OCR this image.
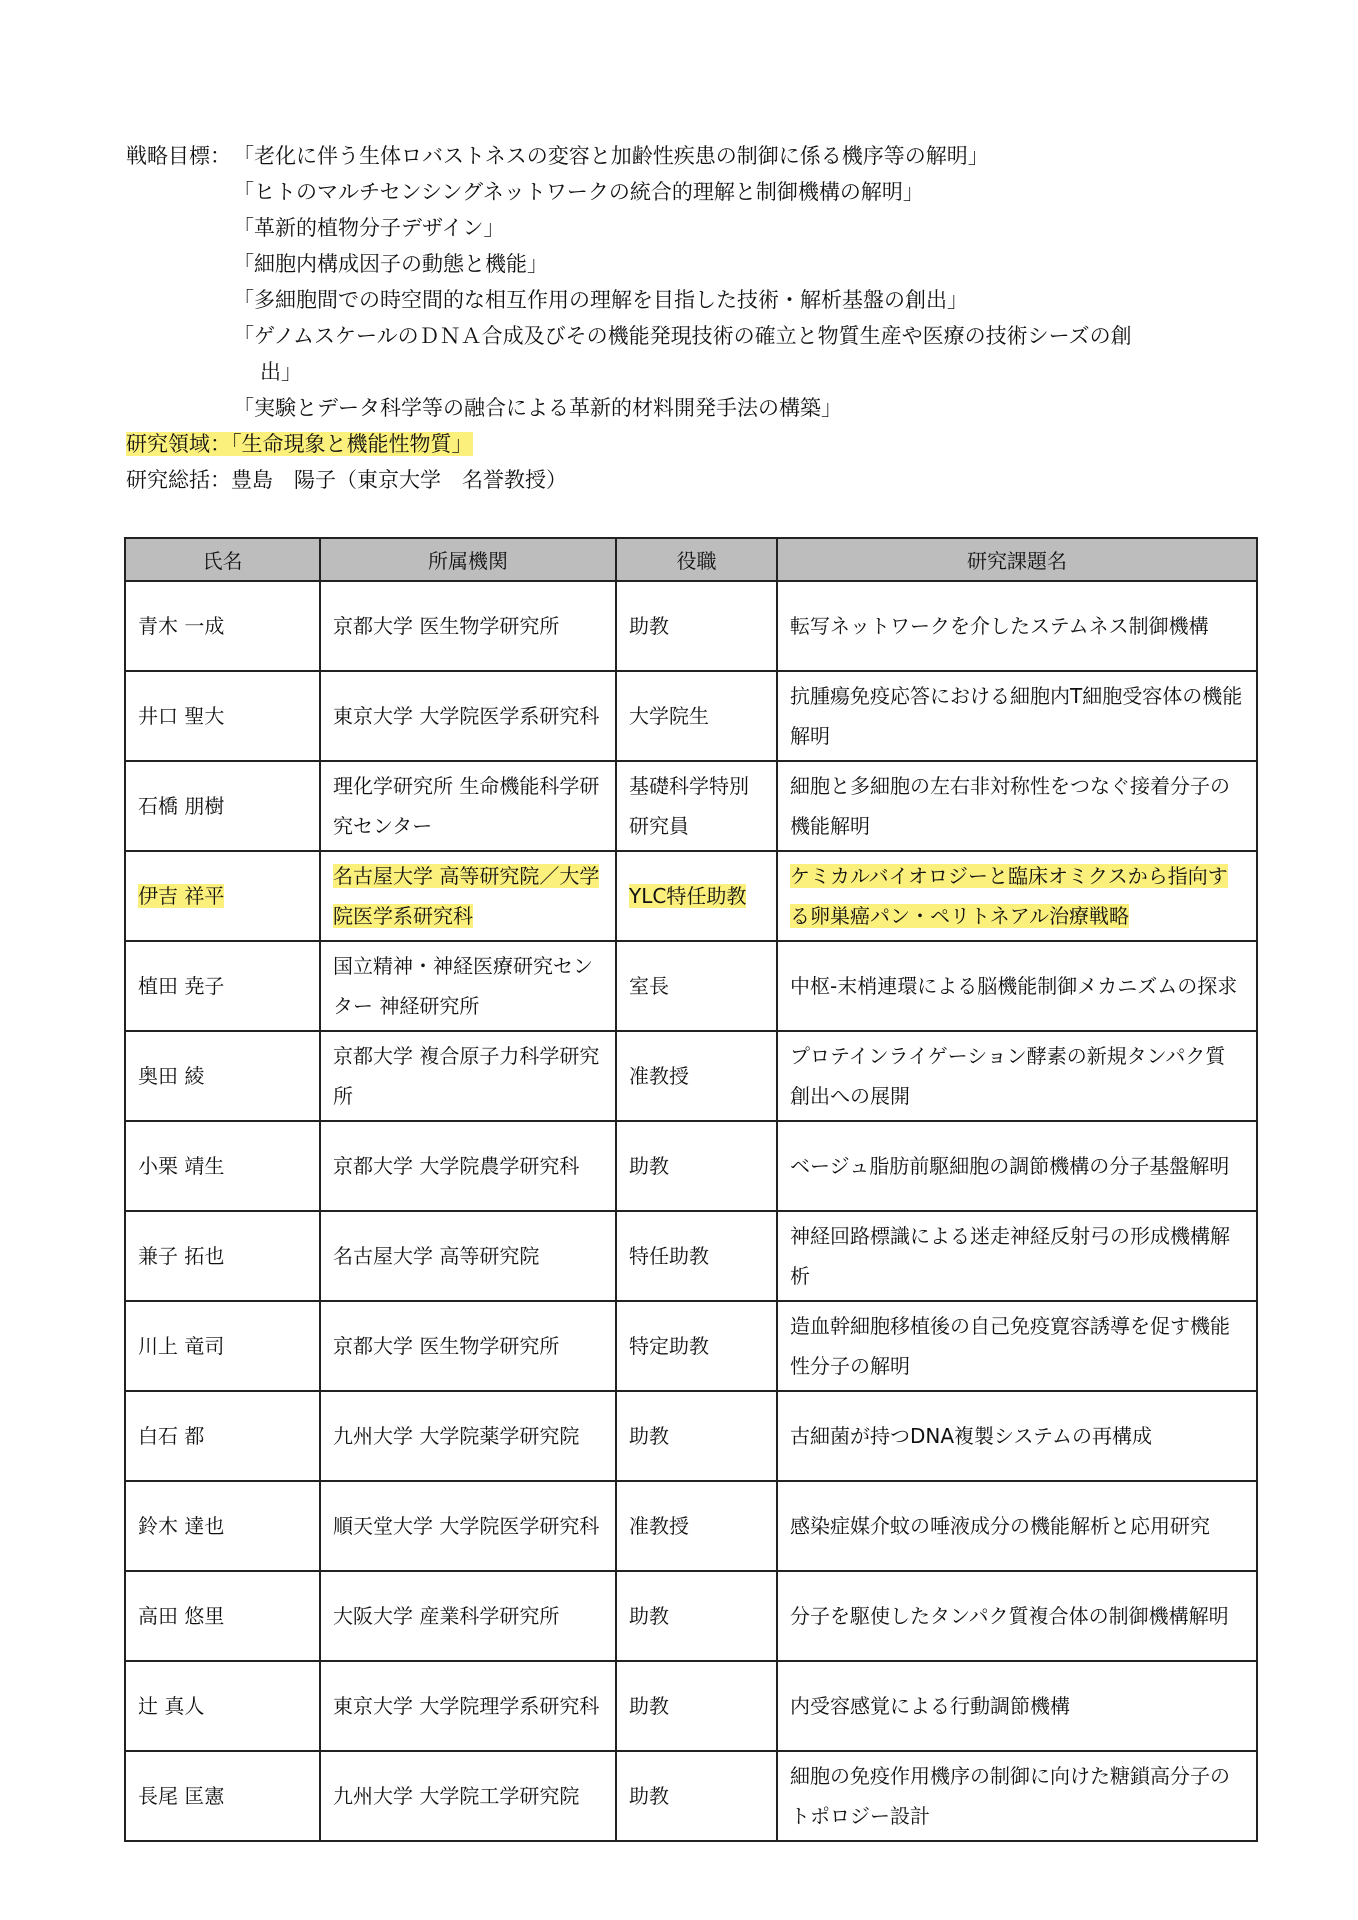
戦略目標： 「老化に伴う生体ロバストネスの変容と加齢性疾患の制御に係る機序等の解明」
「ヒトのマルチセンシングネットワークの統合的理解と制御機構の解明」
「革新的植物分子デザイン」
「細胞内構成因子の動態と機能」
「多細胞間での時空間的な相互作用の理解を目指した技術・解析基盤の創出」
「ゲノムスケールのＤＮＡ合成及びその機能発現技術の確立と物質生産や医療の技術シーズの創
出」
「実験とデータ科学等の融合による革新的材料開発手法の構築」
研究領域：「生命現象と機能性物質」
研究総括：豊島　陽子（東京大学　名誉教授）
氏名	所属機関	役職	研究課題名
青木 一成	京都大学 医生物学研究所	助教	転写ネットワークを介したステムネス制御機構
井口 聖大	東京大学 大学院医学系研究科	大学院生	抗腫瘍免疫応答における細胞内T細胞受容体の機能解明
石橋 朋樹	理化学研究所 生命機能科学研究センター	基礎科学特別研究員	細胞と多細胞の左右非対称性をつなぐ接着分子の機能解明
伊吉 祥平	名古屋大学 高等研究院／大学院医学系研究科	YLC特任助教	ケミカルバイオロジーと臨床オミクスから指向する卵巣癌パン・ペリトネアル治療戦略
植田 尭子	国立精神・神経医療研究センター 神経研究所	室長	中枢-末梢連環による脳機能制御メカニズムの探求
奥田 綾	京都大学 複合原子力科学研究所	准教授	プロテインライゲーション酵素の新規タンパク質創出への展開
小栗 靖生	京都大学 大学院農学研究科	助教	ベージュ脂肪前駆細胞の調節機構の分子基盤解明
兼子 拓也	名古屋大学 高等研究院	特任助教	神経回路標識による迷走神経反射弓の形成機構解析
川上 竜司	京都大学 医生物学研究所	特定助教	造血幹細胞移植後の自己免疫寛容誘導を促す機能性分子の解明
白石 都	九州大学 大学院薬学研究院	助教	古細菌が持つDNA複製システムの再構成
鈴木 達也	順天堂大学 大学院医学研究科	准教授	感染症媒介蚊の唾液成分の機能解析と応用研究
高田 悠里	大阪大学 産業科学研究所	助教	分子を駆使したタンパク質複合体の制御機構解明
辻 真人	東京大学 大学院理学系研究科	助教	内受容感覚による行動調節機構
長尾 匡憲	九州大学 大学院工学研究院	助教	細胞の免疫作用機序の制御に向けた糖鎖高分子のトポロジー設計
